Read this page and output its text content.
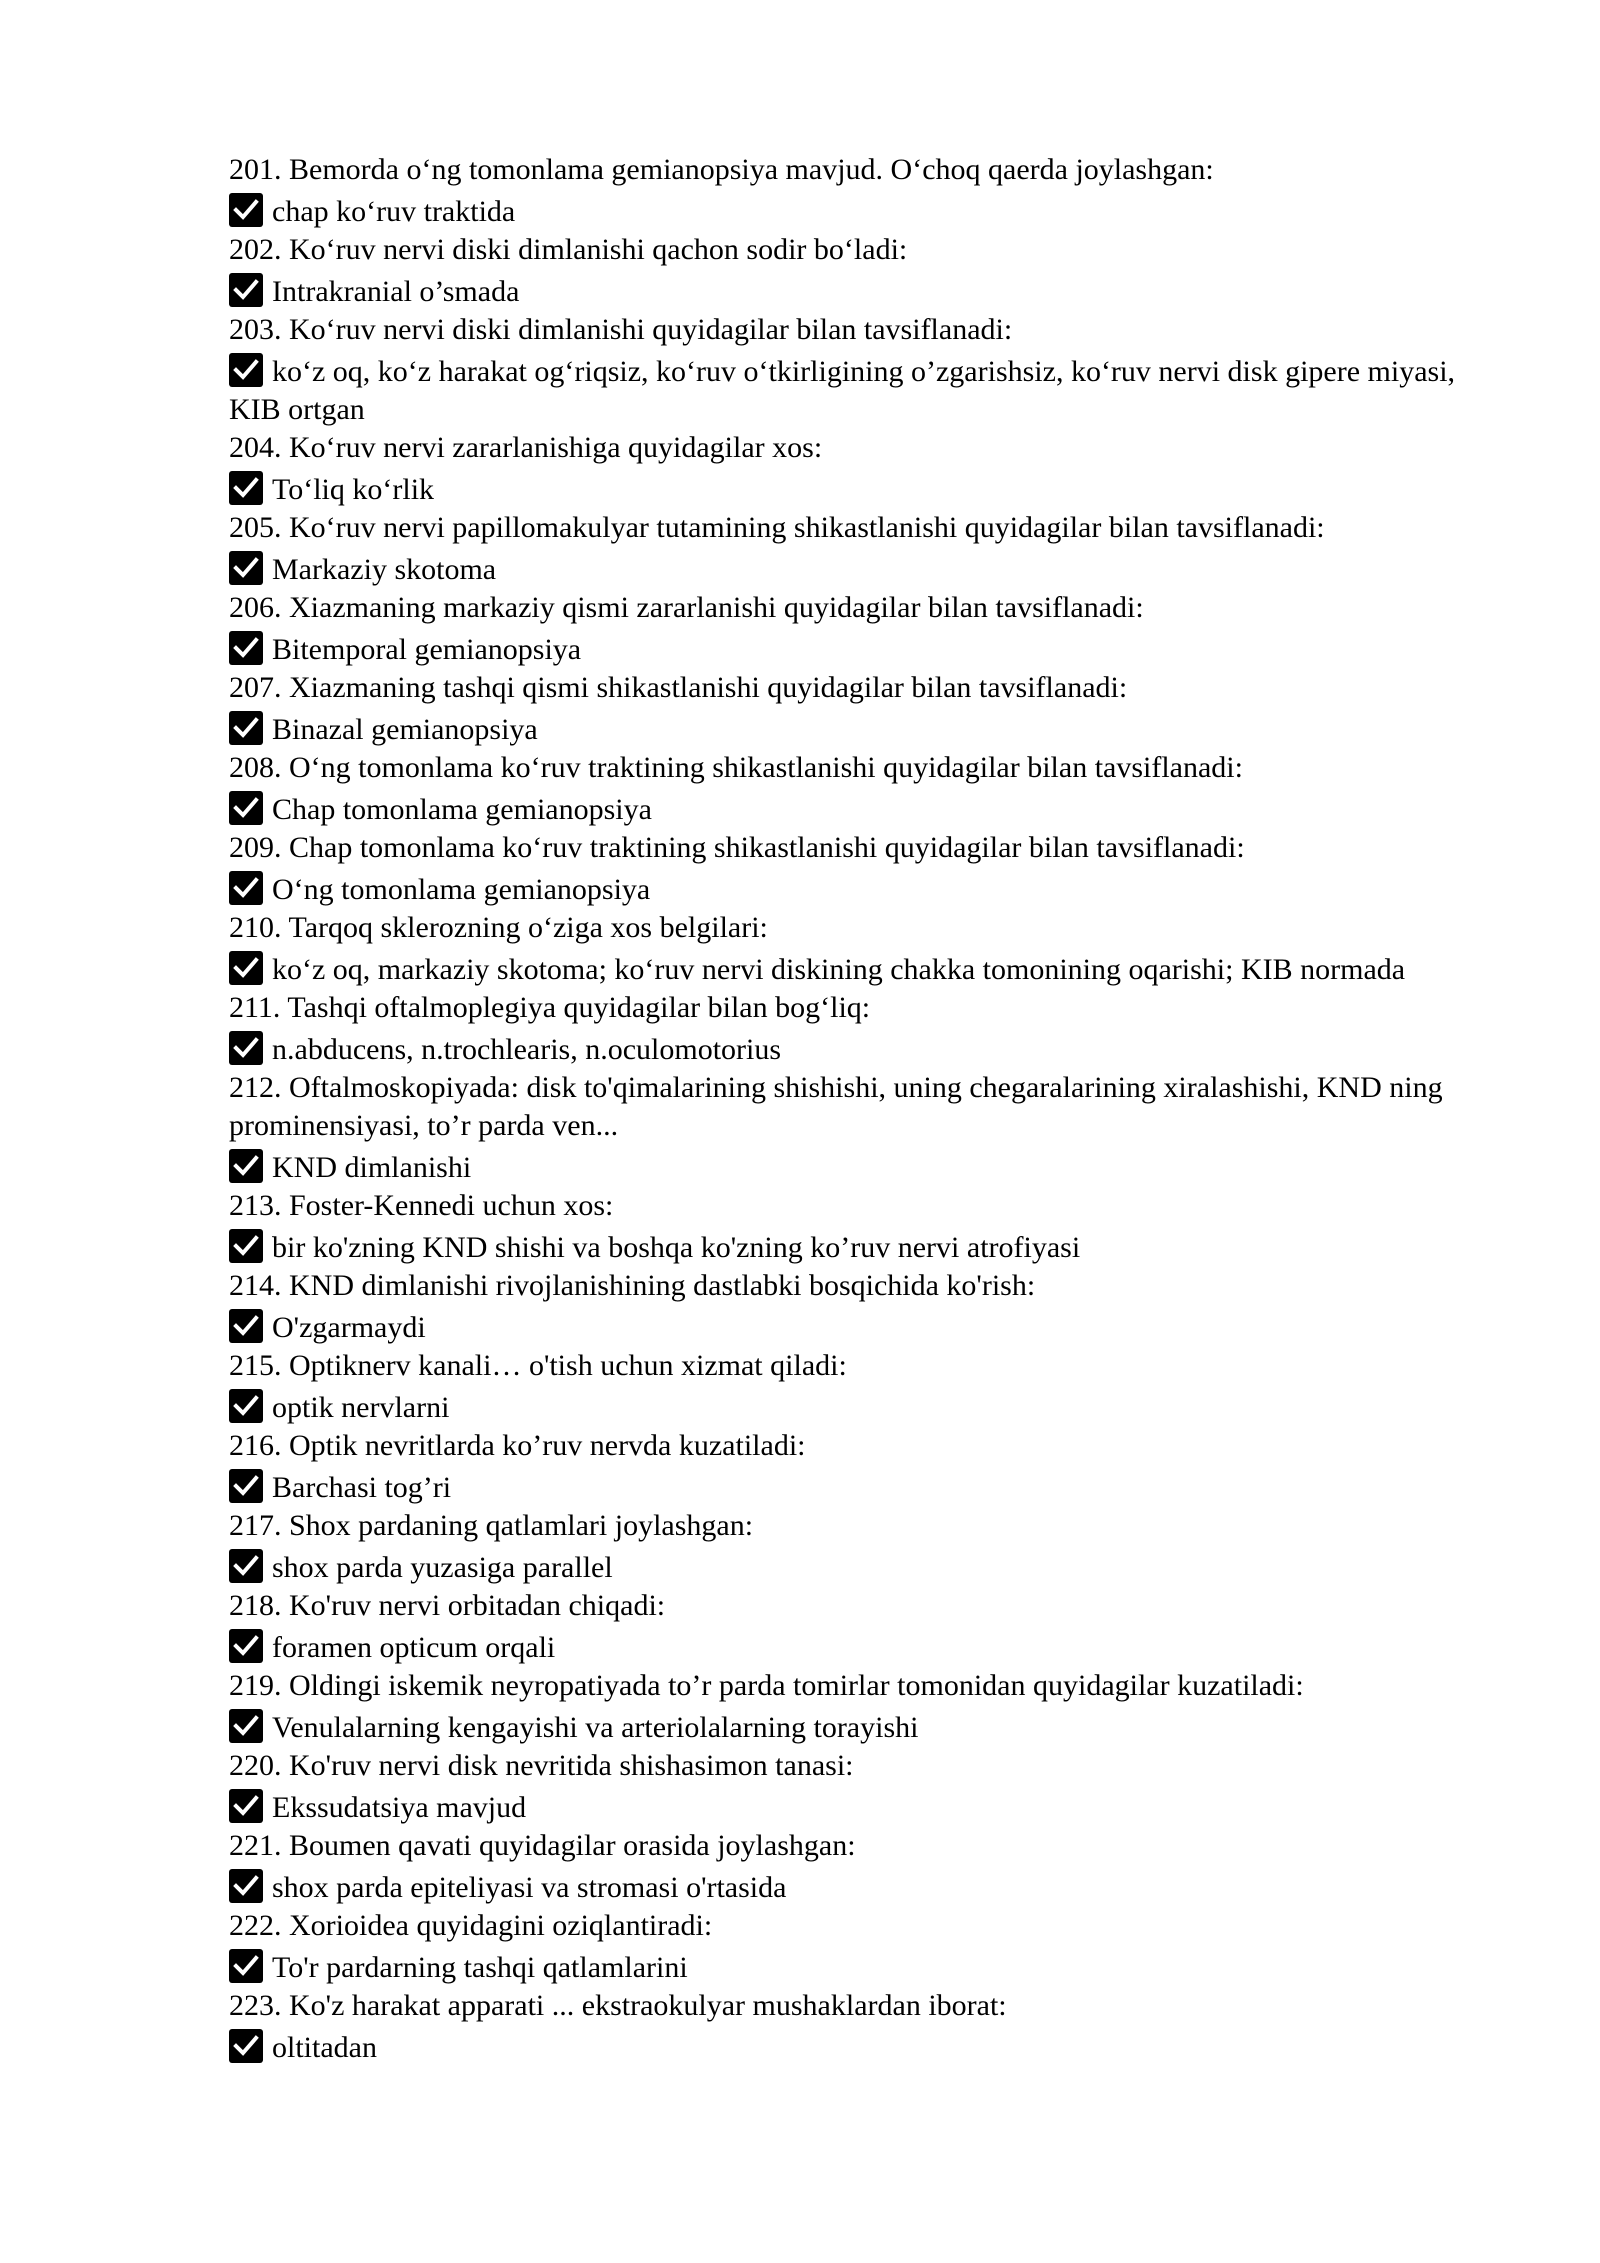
201. Bemorda o‘ng tomonlama gemianopsiya mavjud. O‘choq qaerda joylashgan:

chap ko‘ruv traktida

202. Ko‘ruv nervi diski dimlanishi qachon sodir bo‘ladi:

Intrakranial o’smada

203. Ko‘ruv nervi diski dimlanishi quyidagilar bilan tavsiflanadi:

ko‘z oq, ko‘z harakat og‘riqsiz, ko‘ruv o‘tkirligining o’zgarishsiz, ko‘ruv nervi disk gipere miyasi, KIB ortgan

204. Ko‘ruv nervi zararlanishiga quyidagilar xos:

To‘liq ko‘rlik

205. Ko‘ruv nervi papillomakulyar tutamining shikastlanishi quyidagilar bilan tavsiflanadi:

Markaziy skotoma

206. Xiazmaning markaziy qismi zararlanishi quyidagilar bilan tavsiflanadi:

Bitemporal gemianopsiya

207. Xiazmaning tashqi qismi shikastlanishi quyidagilar bilan tavsiflanadi:

Binazal gemianopsiya

208. O‘ng tomonlama ko‘ruv traktining shikastlanishi quyidagilar bilan tavsiflanadi:

Chap tomonlama gemianopsiya

209. Chap tomonlama ko‘ruv traktining shikastlanishi quyidagilar bilan tavsiflanadi:

O‘ng tomonlama gemianopsiya

210. Tarqoq sklerozning o‘ziga xos belgilari:

ko‘z oq, markaziy skotoma; ko‘ruv nervi diskining chakka tomonining oqarishi; KIB normada

211. Tashqi oftalmoplegiya quyidagilar bilan bog‘liq:

n.abducens, n.trochlearis, n.oculomotorius

212. Oftalmoskopiyada: disk to'qimalarining shishishi, uning chegaralarining xiralashishi, KND ning prominensiyasi, to’r parda ven...

KND dimlanishi

213. Foster-Kennedi uchun xos:

bir ko'zning KND shishi va boshqa ko'zning ko’ruv nervi atrofiyasi

214. KND dimlanishi rivojlanishining dastlabki bosqichida ko'rish:

O'zgarmaydi

215. Optiknerv kanali… o'tish uchun xizmat qiladi:

optik nervlarni

216. Optik nevritlarda ko’ruv nervda kuzatiladi:

Barchasi tog’ri

217. Shox pardaning qatlamlari joylashgan:

shox parda yuzasiga parallel

218. Ko'ruv nervi orbitadan chiqadi:

foramen opticum orqali

219. Oldingi iskemik neyropatiyada to’r parda tomirlar tomonidan quyidagilar kuzatiladi:

Venulalarning kengayishi va arteriolalarning torayishi

220. Ko'ruv nervi disk nevritida shishasimon tanasi:

Ekssudatsiya mavjud

221. Boumen qavati quyidagilar orasida joylashgan:

shox parda epiteliyasi va stromasi o'rtasida

222. Xorioidea quyidagini oziqlantiradi:

To'r pardarning tashqi qatlamlarini

223. Ko'z harakat apparati ... ekstraokulyar mushaklardan iborat:

oltitadan
